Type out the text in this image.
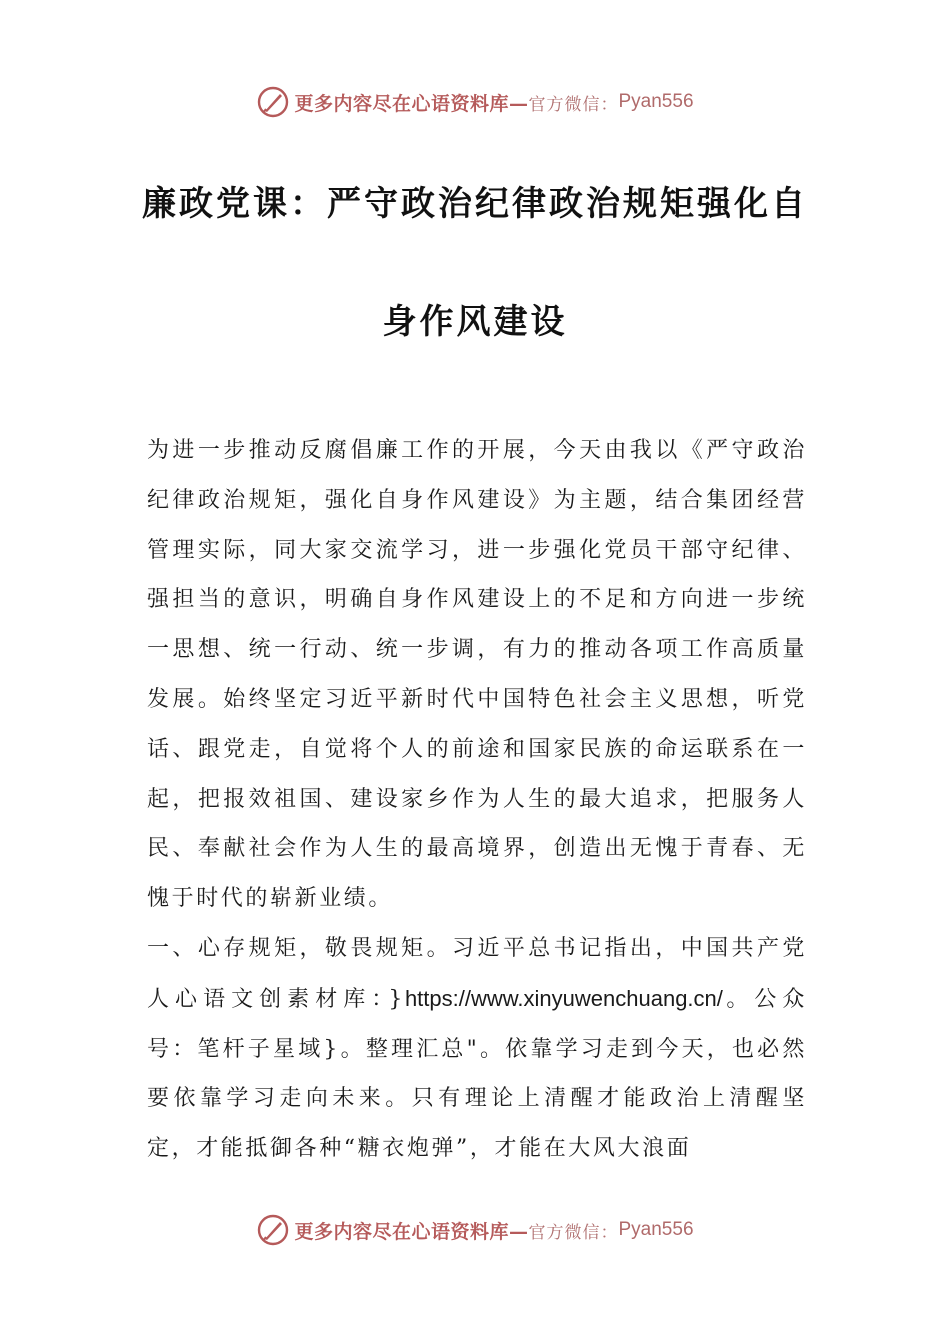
更多内容尽在心语资料库— 官方微信： Pyan556
廉政党课：严守政治纪律政治规矩强化自
身作风建设

为进一步推动反腐倡廉工作的开展，今天由我以《严守政治纪律政治规矩，强化自身作风建设》为主题，结合集团经营管理实际，同大家交流学习，进一步强化党员干部守纪律、强担当的意识，明确自身作风建设上的不足和方向进一步统一思想、统一行动、统一步调，有力的推动各项工作高质量发展。始终坚定习近平新时代中国特色社会主义思想，听党话、跟党走，自觉将个人的前途和国家民族的命运联系在一起，把报效祖国、建设家乡作为人生的最大追求，把服务人民、奉献社会作为人生的最高境界，创造出无愧于青春、无愧于时代的崭新业绩。

一、心存规矩，敬畏规矩。习近平总书记指出，中国共产党人心语文创素材库：}https://www.xinyuwenchuang.cn/。公众号：笔杆子星域}。整理汇总"。依靠学习走到今天，也必然要依靠学习走向未来。只有理论上清醒才能政治上清醒坚定，才能抵御各种“糖衣炮弹”，才能在大风大浪面

更多内容尽在心语资料库— 官方微信： Pyan556
